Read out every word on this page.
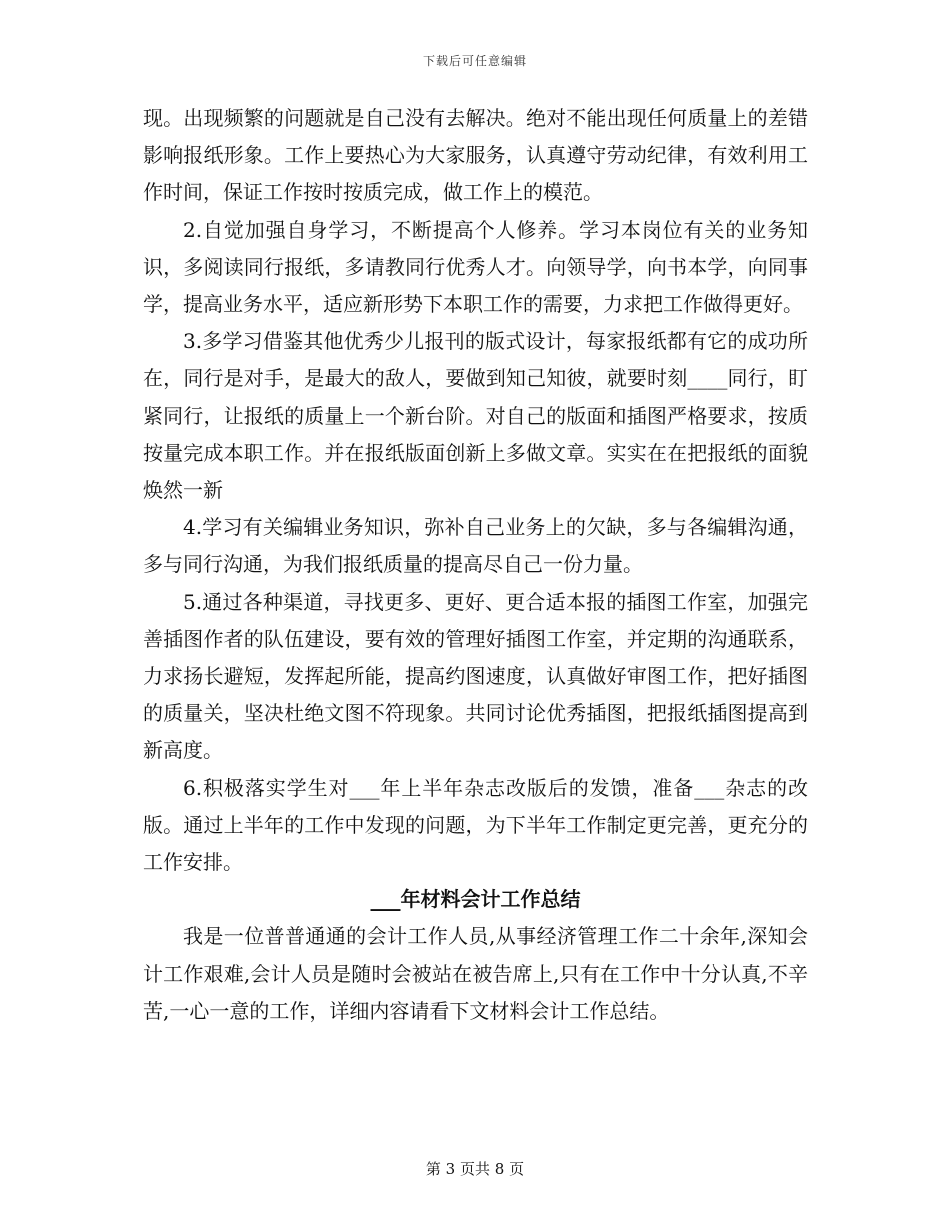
下载后可任意编辑

现。出现频繁的问题就是自己没有去解决。绝对不能出现任何质量上的差错影响报纸形象。工作上要热心为大家服务，认真遵守劳动纪律，有效利用工作时间，保证工作按时按质完成，做工作上的模范。

2.自觉加强自身学习，不断提高个人修养。学习本岗位有关的业务知识，多阅读同行报纸，多请教同行优秀人才。向领导学，向书本学，向同事学，提高业务水平，适应新形势下本职工作的需要，力求把工作做得更好。

3.多学习借鉴其他优秀少儿报刊的版式设计，每家报纸都有它的成功所在，同行是对手，是最大的敌人，要做到知己知彼，就要时刻____同行，盯紧同行，让报纸的质量上一个新台阶。对自己的版面和插图严格要求，按质按量完成本职工作。并在报纸版面创新上多做文章。实实在在把报纸的面貌焕然一新

4.学习有关编辑业务知识，弥补自己业务上的欠缺，多与各编辑沟通，多与同行沟通，为我们报纸质量的提高尽自己一份力量。

5.通过各种渠道，寻找更多、更好、更合适本报的插图工作室，加强完善插图作者的队伍建设，要有效的管理好插图工作室，并定期的沟通联系，力求扬长避短，发挥起所能，提高约图速度，认真做好审图工作，把好插图的质量关，坚决杜绝文图不符现象。共同讨论优秀插图，把报纸插图提高到新高度。

6.积极落实学生对___年上半年杂志改版后的发馈，准备___杂志的改版。通过上半年的工作中发现的问题，为下半年工作制定更完善，更充分的工作安排。

___年材料会计工作总结

我是一位普普通通的会计工作人员,从事经济管理工作二十余年,深知会计工作艰难,会计人员是随时会被站在被告席上,只有在工作中十分认真,不辛苦,一心一意的工作，详细内容请看下文材料会计工作总结。

第 3 页共 8 页
